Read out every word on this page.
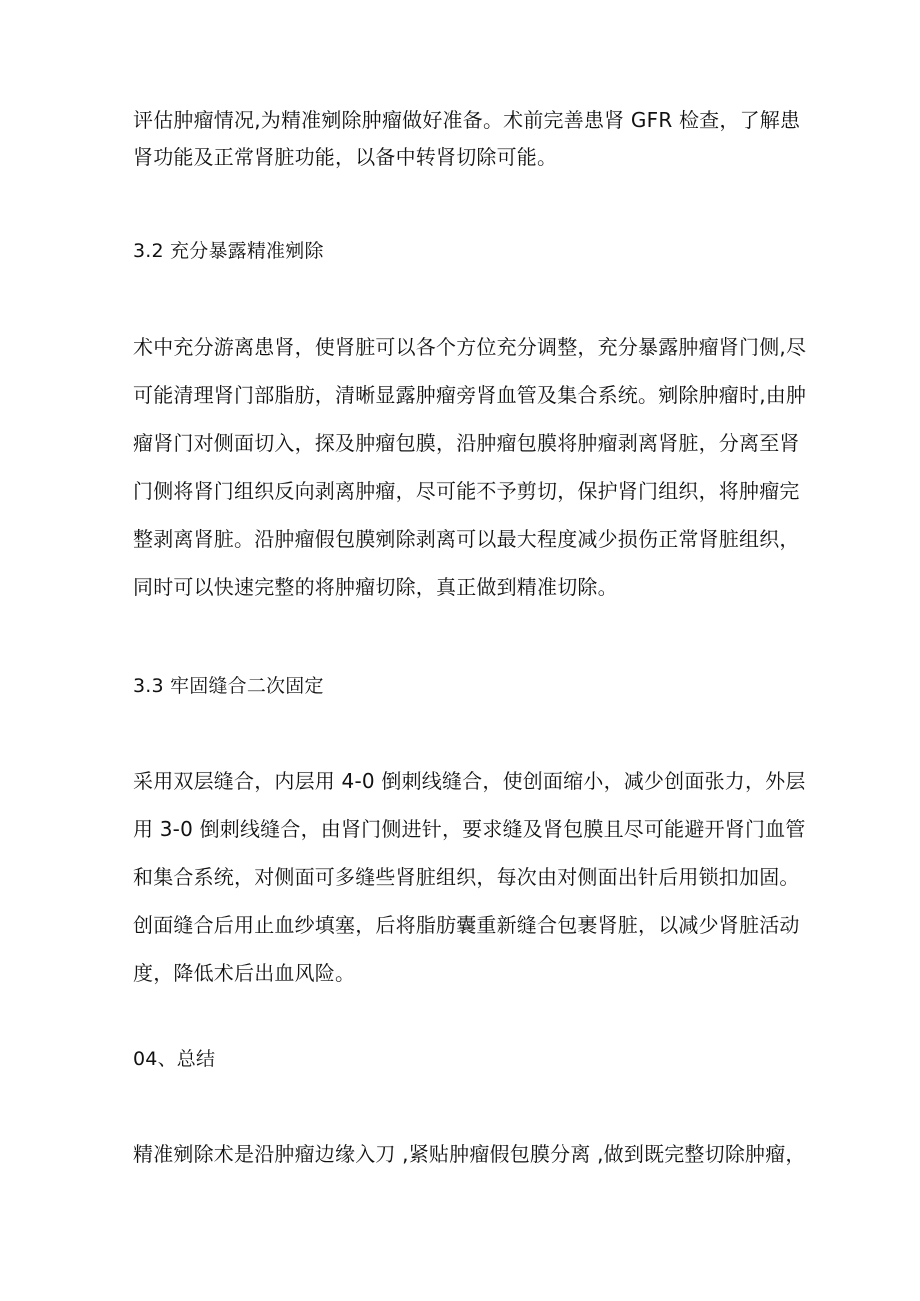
评估肿瘤情况,为精准剜除肿瘤做好准备。术前完善患肾 GFR 检查，了解患
肾功能及正常肾脏功能，以备中转肾切除可能。
3.2 充分暴露精准剜除
术中充分游离患肾，使肾脏可以各个方位充分调整，充分暴露肿瘤肾门侧,尽
可能清理肾门部脂肪，清晰显露肿瘤旁肾血管及集合系统。剜除肿瘤时,由肿
瘤肾门对侧面切入，探及肿瘤包膜，沿肿瘤包膜将肿瘤剥离肾脏，分离至肾
门侧将肾门组织反向剥离肿瘤，尽可能不予剪切，保护肾门组织，将肿瘤完
整剥离肾脏。沿肿瘤假包膜剜除剥离可以最大程度减少损伤正常肾脏组织，
同时可以快速完整的将肿瘤切除，真正做到精准切除。
3.3 牢固缝合二次固定
采用双层缝合，内层用 4-0 倒刺线缝合，使创面缩小，减少创面张力，外层
用 3-0 倒刺线缝合，由肾门侧进针，要求缝及肾包膜且尽可能避开肾门血管
和集合系统，对侧面可多缝些肾脏组织，每次由对侧面出针后用锁扣加固。
创面缝合后用止血纱填塞，后将脂肪囊重新缝合包裹肾脏，以减少肾脏活动
度，降低术后出血风险。
04、总结
精准剜除术是沿肿瘤边缘入刀 ,紧贴肿瘤假包膜分离 ,做到既完整切除肿瘤，
